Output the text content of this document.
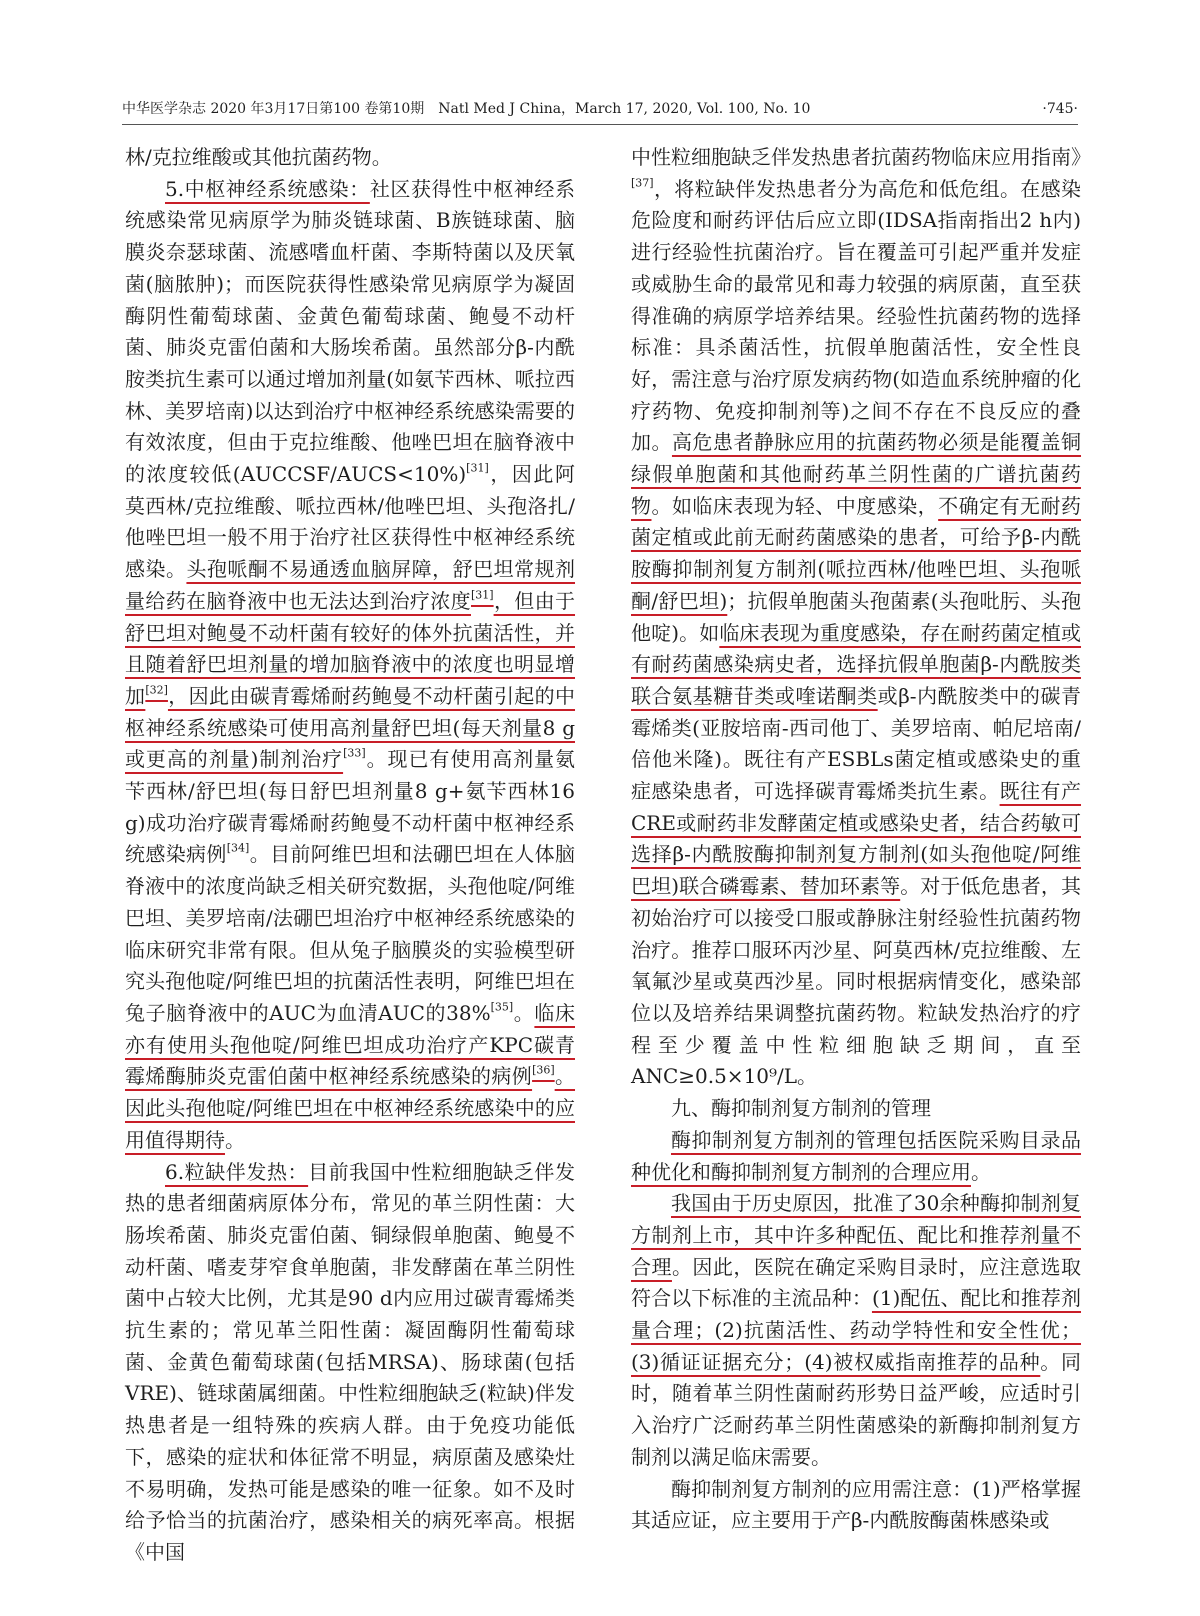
中华医学杂志 2020 年3月17日第100 卷第10期　Natl Med J China，March 17, 2020, Vol. 100, No. 10	·745·

林/克拉维酸或其他抗菌药物。

5.中枢神经系统感染：社区获得性中枢神经系统感染常见病原学为肺炎链球菌、B族链球菌、脑膜炎奈瑟球菌、流感嗜血杆菌、李斯特菌以及厌氧菌(脑脓肿)；而医院获得性感染常见病原学为凝固酶阴性葡萄球菌、金黄色葡萄球菌、鲍曼不动杆菌、肺炎克雷伯菌和大肠埃希菌。虽然部分β-内酰胺类抗生素可以通过增加剂量(如氨苄西林、哌拉西林、美罗培南)以达到治疗中枢神经系统感染需要的有效浓度，但由于克拉维酸、他唑巴坦在脑脊液中的浓度较低(AUCCSF/AUCS<10%)[31]，因此阿莫西林/克拉维酸、哌拉西林/他唑巴坦、头孢洛扎/他唑巴坦一般不用于治疗社区获得性中枢神经系统感染。头孢哌酮不易通透血脑屏障，舒巴坦常规剂量给药在脑脊液中也无法达到治疗浓度[31]，但由于舒巴坦对鲍曼不动杆菌有较好的体外抗菌活性，并且随着舒巴坦剂量的增加脑脊液中的浓度也明显增加[32]，因此由碳青霉烯耐药鲍曼不动杆菌引起的中枢神经系统感染可使用高剂量舒巴坦(每天剂量8 g或更高的剂量)制剂治疗[33]。现已有使用高剂量氨苄西林/舒巴坦(每日舒巴坦剂量8 g+氨苄西林16 g)成功治疗碳青霉烯耐药鲍曼不动杆菌中枢神经系统感染病例[34]。目前阿维巴坦和法硼巴坦在人体脑脊液中的浓度尚缺乏相关研究数据，头孢他啶/阿维巴坦、美罗培南/法硼巴坦治疗中枢神经系统感染的临床研究非常有限。但从兔子脑膜炎的实验模型研究头孢他啶/阿维巴坦的抗菌活性表明，阿维巴坦在兔子脑脊液中的AUC为血清AUC的38%[35]。临床亦有使用头孢他啶/阿维巴坦成功治疗产KPC碳青霉烯酶肺炎克雷伯菌中枢神经系统感染的病例[36]。因此头孢他啶/阿维巴坦在中枢神经系统感染中的应用值得期待。

6.粒缺伴发热：目前我国中性粒细胞缺乏伴发热的患者细菌病原体分布，常见的革兰阴性菌：大肠埃希菌、肺炎克雷伯菌、铜绿假单胞菌、鲍曼不动杆菌、嗜麦芽窄食单胞菌，非发酵菌在革兰阴性菌中占较大比例，尤其是90 d内应用过碳青霉烯类抗生素的；常见革兰阳性菌：凝固酶阴性葡萄球菌、金黄色葡萄球菌(包括MRSA)、肠球菌(包括VRE)、链球菌属细菌。中性粒细胞缺乏(粒缺)伴发热患者是一组特殊的疾病人群。由于免疫功能低下，感染的症状和体征常不明显，病原菌及感染灶不易明确，发热可能是感染的唯一征象。如不及时给予恰当的抗菌治疗，感染相关的病死率高。根据《中国

中性粒细胞缺乏伴发热患者抗菌药物临床应用指南》[37]，将粒缺伴发热患者分为高危和低危组。在感染危险度和耐药评估后应立即(IDSA指南指出2 h内)进行经验性抗菌治疗。旨在覆盖可引起严重并发症或威胁生命的最常见和毒力较强的病原菌，直至获得准确的病原学培养结果。经验性抗菌药物的选择标准：具杀菌活性，抗假单胞菌活性，安全性良好，需注意与治疗原发病药物(如造血系统肿瘤的化疗药物、免疫抑制剂等)之间不存在不良反应的叠加。高危患者静脉应用的抗菌药物必须是能覆盖铜绿假单胞菌和其他耐药革兰阴性菌的广谱抗菌药物。如临床表现为轻、中度感染，不确定有无耐药菌定植或此前无耐药菌感染的患者，可给予β-内酰胺酶抑制剂复方制剂(哌拉西林/他唑巴坦、头孢哌酮/舒巴坦)；抗假单胞菌头孢菌素(头孢吡肟、头孢他啶)。如临床表现为重度感染，存在耐药菌定植或有耐药菌感染病史者，选择抗假单胞菌β-内酰胺类联合氨基糖苷类或喹诺酮类或β-内酰胺类中的碳青霉烯类(亚胺培南-西司他丁、美罗培南、帕尼培南/倍他米隆)。既往有产ESBLs菌定植或感染史的重症感染患者，可选择碳青霉烯类抗生素。既往有产CRE或耐药非发酵菌定植或感染史者，结合药敏可选择β-内酰胺酶抑制剂复方制剂(如头孢他啶/阿维巴坦)联合磷霉素、替加环素等。对于低危患者，其初始治疗可以接受口服或静脉注射经验性抗菌药物治疗。推荐口服环丙沙星、阿莫西林/克拉维酸、左氧氟沙星或莫西沙星。同时根据病情变化，感染部位以及培养结果调整抗菌药物。粒缺发热治疗的疗程至少覆盖中性粒细胞缺乏期间，直至ANC≥0.5×10⁹/L。

九、酶抑制剂复方制剂的管理

酶抑制剂复方制剂的管理包括医院采购目录品种优化和酶抑制剂复方制剂的合理应用。

我国由于历史原因，批准了30余种酶抑制剂复方制剂上市，其中许多种配伍、配比和推荐剂量不合理。因此，医院在确定采购目录时，应注意选取符合以下标准的主流品种：(1)配伍、配比和推荐剂量合理；(2)抗菌活性、药动学特性和安全性优；(3)循证证据充分；(4)被权威指南推荐的品种。同时，随着革兰阴性菌耐药形势日益严峻，应适时引入治疗广泛耐药革兰阴性菌感染的新酶抑制剂复方制剂以满足临床需要。

酶抑制剂复方制剂的应用需注意：(1)严格掌握其适应证，应主要用于产β-内酰胺酶菌株感染或
